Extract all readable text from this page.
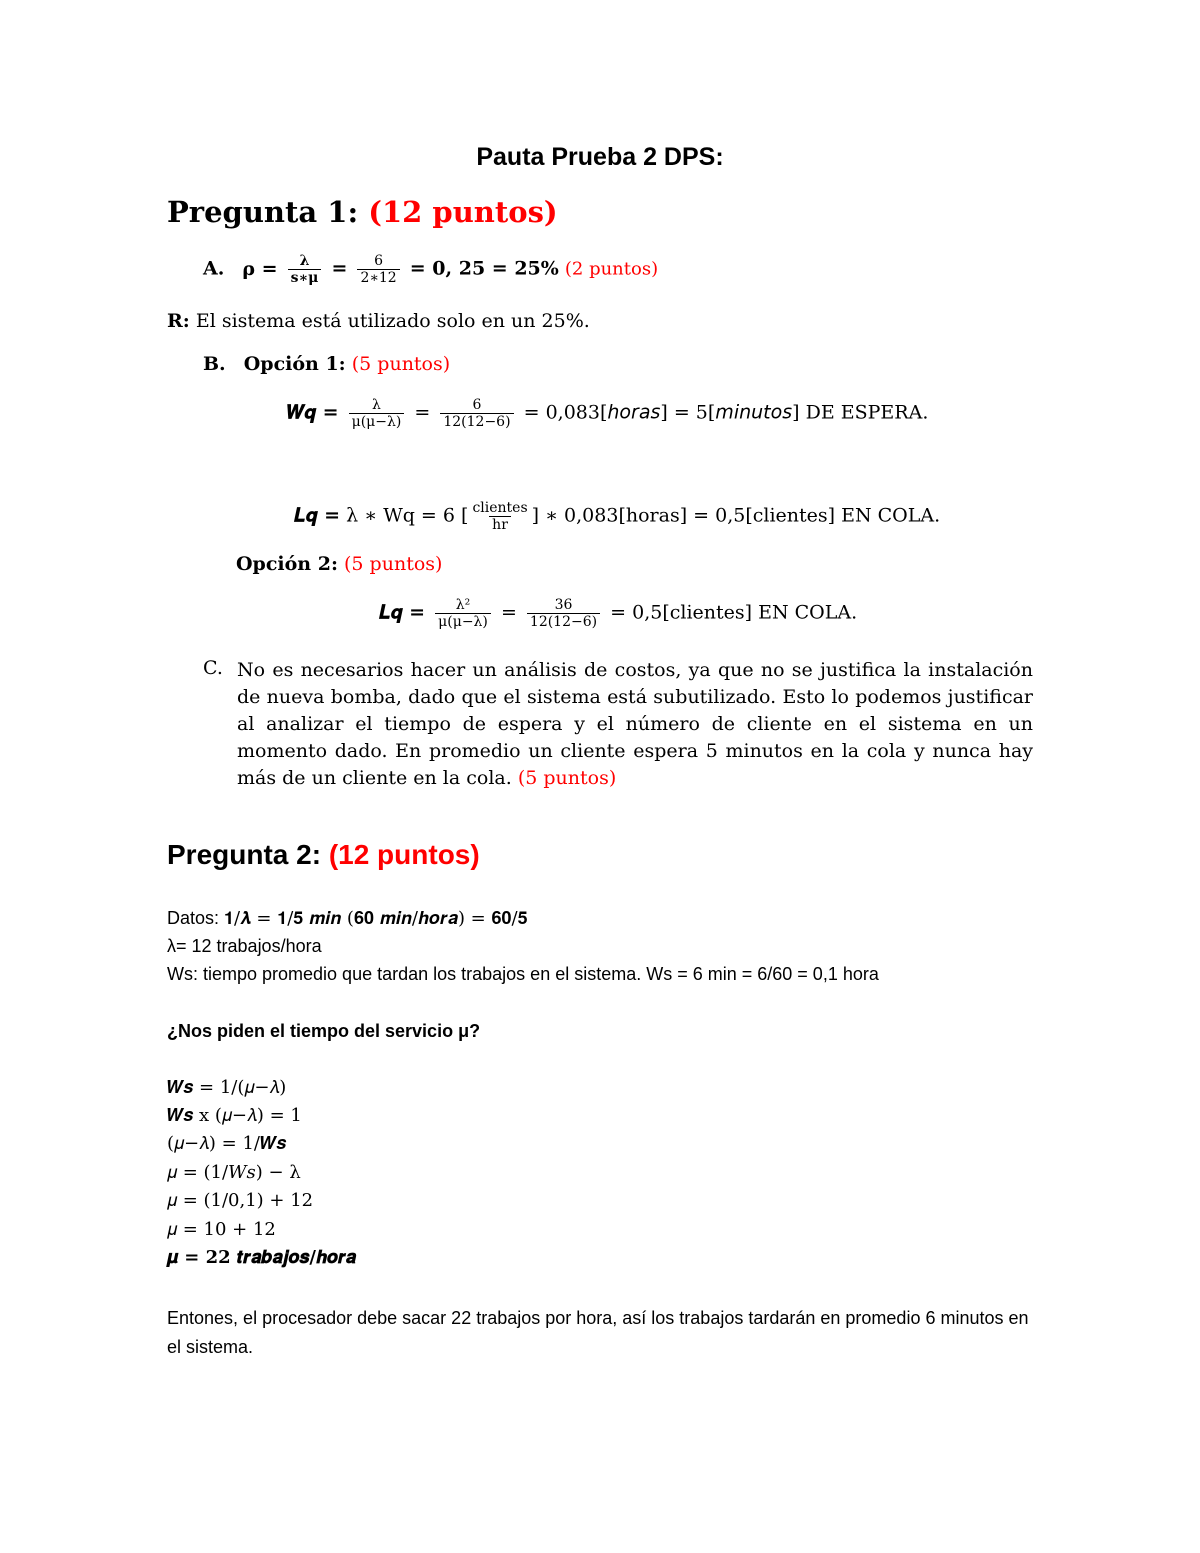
Pauta Prueba 2 DPS:
Pregunta 1: (12 puntos)
A. $\rho = \frac{\lambda}{s∗\mu} = \frac{6}{2∗12}$ = 𝟎, 𝟐𝟓 = 𝟐𝟓% (2 puntos)
R: El sistema está utilizado solo en un 25%.
B. Opción 1: (5 puntos)
𝑾𝒒 = $\frac{\lambda}{\mu(\mu-\lambda)} = \frac{6}{12(12-6)}$ = 0,083[𝘩𝘰𝘳𝘢𝘴] = 5[𝘮𝘪𝘯𝘶𝘵𝘰𝘴] DE ESPERA.
𝑳𝒒 = λ ∗ Wq = 6 [ $\frac{\text{clientes}}{hr}$ ] ∗ 0,083[horas] = 0,5[clientes] EN COLA.
Opción 2: (5 puntos)
𝑳𝒒 = $\frac{\text{λ²}}{\mu(\mu-\lambda)} = \frac{36}{12(12-6)}$ = 0,5[clientes] EN COLA.
C. No es necesarios hacer un análisis de costos, ya que no se justifica la instalación de nueva bomba, dado que el sistema está subutilizado. Esto lo podemos justificar al analizar el tiempo de espera y el número de cliente en el sistema en un momento dado. En promedio un cliente espera 5 minutos en la cola y nunca hay más de un cliente en la cola. (5 puntos)
Pregunta 2: (12 puntos)
Datos: 𝟏/𝝀 = 𝟏/𝟓 𝒎𝒊𝒏 (𝟔𝟎 𝒎𝒊𝒏/𝒉𝒐𝒓𝒂) = 𝟔𝟎/𝟓
λ= 12 trabajos/hora
Ws: tiempo promedio que tardan los trabajos en el sistema. Ws = 6 min = 6/60 = 0,1 hora
¿Nos piden el tiempo del servicio μ?
𝑾𝒔 = 1/(𝜇−𝜆)
𝑾𝒔 x (𝜇−𝜆) = 1
(𝜇−𝜆) = 1/𝑾𝒔
𝜇 = (1/𝑊𝑠) − λ
𝜇 = (1/0,1) + 12
𝜇 = 10 + 12
𝝁 = 𝟐𝟐 𝒕𝒓𝒂𝒃𝒂𝒋𝒐𝒔/𝒉𝒐𝒓𝒂
Entones, el procesador debe sacar 22 trabajos por hora, así los trabajos tardarán en promedio 6 minutos en el sistema.
